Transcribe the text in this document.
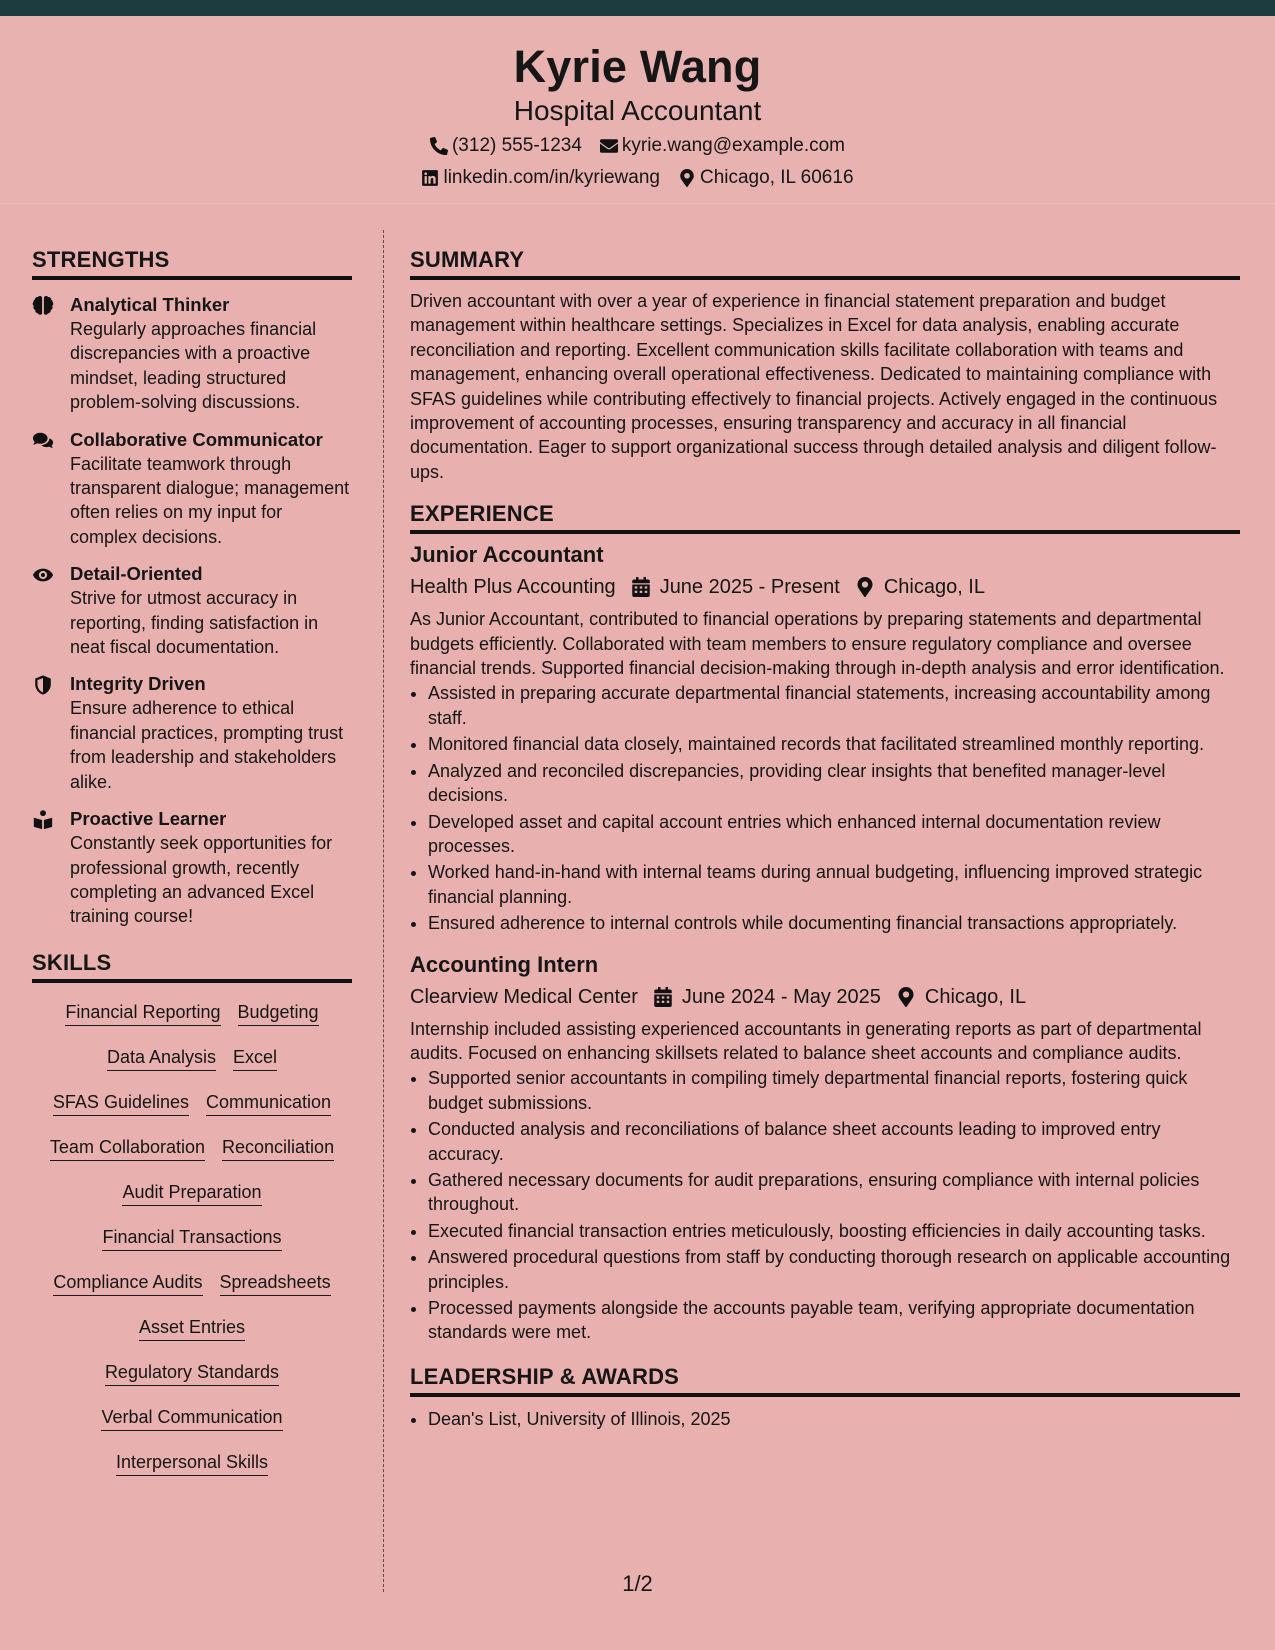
Kyrie Wang
Hospital Accountant
(312) 555-1234 kyrie.wang@example.com
linkedin.com/in/kyriewang Chicago, IL 60616
STRENGTHS
Analytical Thinker
Regularly approaches financial discrepancies with a proactive mindset, leading structured problem-solving discussions.
Collaborative Communicator
Facilitate teamwork through transparent dialogue; management often relies on my input for complex decisions.
Detail-Oriented
Strive for utmost accuracy in reporting, finding satisfaction in neat fiscal documentation.
Integrity Driven
Ensure adherence to ethical financial practices, prompting trust from leadership and stakeholders alike.
Proactive Learner
Constantly seek opportunities for professional growth, recently completing an advanced Excel training course!
SKILLS
Financial Reporting Budgeting
Data Analysis Excel
SFAS Guidelines Communication
Team Collaboration Reconciliation
Audit Preparation
Financial Transactions
Compliance Audits Spreadsheets
Asset Entries
Regulatory Standards
Verbal Communication
Interpersonal Skills
SUMMARY
Driven accountant with over a year of experience in financial statement preparation and budget management within healthcare settings. Specializes in Excel for data analysis, enabling accurate reconciliation and reporting. Excellent communication skills facilitate collaboration with teams and management, enhancing overall operational effectiveness. Dedicated to maintaining compliance with SFAS guidelines while contributing effectively to financial projects. Actively engaged in the continuous improvement of accounting processes, ensuring transparency and accuracy in all financial documentation. Eager to support organizational success through detailed analysis and diligent follow-ups.
EXPERIENCE
Junior Accountant
Health Plus Accounting June 2025 - Present Chicago, IL
As Junior Accountant, contributed to financial operations by preparing statements and departmental budgets efficiently. Collaborated with team members to ensure regulatory compliance and oversee financial trends. Supported financial decision-making through in-depth analysis and error identification.
• Assisted in preparing accurate departmental financial statements, increasing accountability among staff.
• Monitored financial data closely, maintained records that facilitated streamlined monthly reporting.
• Analyzed and reconciled discrepancies, providing clear insights that benefited manager-level decisions.
• Developed asset and capital account entries which enhanced internal documentation review processes.
• Worked hand-in-hand with internal teams during annual budgeting, influencing improved strategic financial planning.
• Ensured adherence to internal controls while documenting financial transactions appropriately.
Accounting Intern
Clearview Medical Center June 2024 - May 2025 Chicago, IL
Internship included assisting experienced accountants in generating reports as part of departmental audits. Focused on enhancing skillsets related to balance sheet accounts and compliance audits.
• Supported senior accountants in compiling timely departmental financial reports, fostering quick budget submissions.
• Conducted analysis and reconciliations of balance sheet accounts leading to improved entry accuracy.
• Gathered necessary documents for audit preparations, ensuring compliance with internal policies throughout.
• Executed financial transaction entries meticulously, boosting efficiencies in daily accounting tasks.
• Answered procedural questions from staff by conducting thorough research on applicable accounting principles.
• Processed payments alongside the accounts payable team, verifying appropriate documentation standards were met.
LEADERSHIP & AWARDS
• Dean's List, University of Illinois, 2025
1/2
